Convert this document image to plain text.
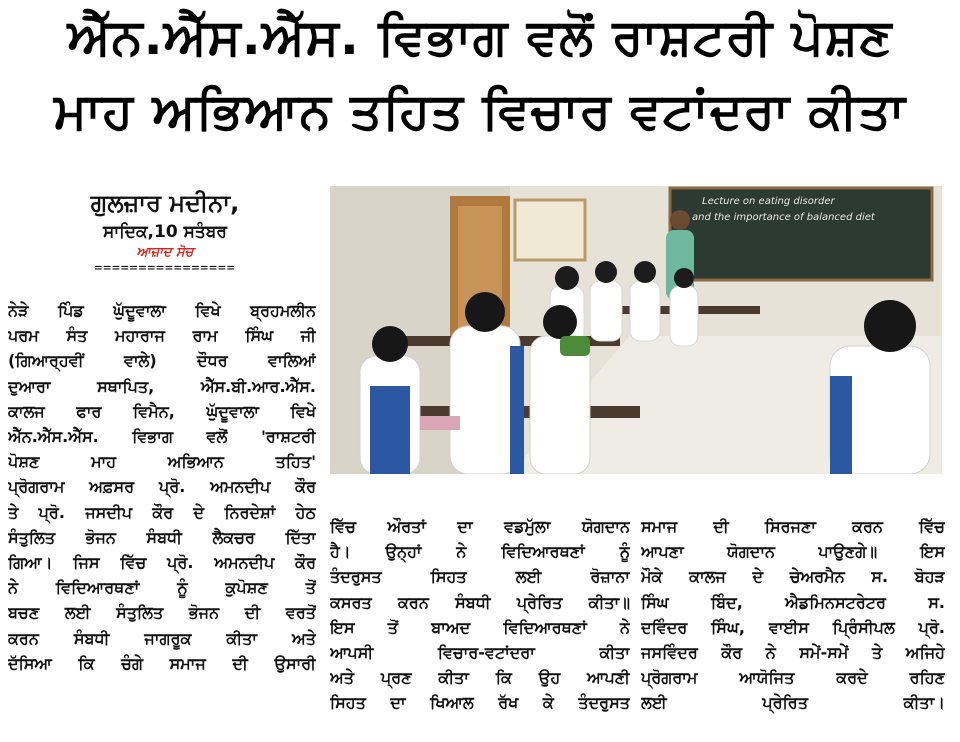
ਐੱਨ.ਐੱਸ.ਐੱਸ. ਵਿਭਾਗ ਵਲੋਂ ਰਾਸ਼ਟਰੀ ਪੋਸ਼ਣ
ਮਾਹ ਅਭਿਆਨ ਤਹਿਤ ਵਿਚਾਰ ਵਟਾਂਦਰਾ ਕੀਤਾ
ਗੁਲਜ਼ਾਰ ਮਦੀਨਾ,
ਸਾਦਿਕ,10 ਸਤੰਬਰ
ਆਜ਼ਾਦ ਸੋਚ
================
Lecture on eating disorder
and the importance of balanced diet
ਨੇੜੇ ਪਿੰਡ ਘੁੱਦੂਵਾਲਾ ਵਿਖੇ ਬ੍ਰਹਮਲੀਨ
ਪਰਮ ਸੰਤ ਮਹਾਰਾਜ ਰਾਮ ਸਿੰਘ ਜੀ
(ਗਿਆਰ੍ਹਵੀਂ ਵਾਲੇ) ਦੌਧਰ ਵਾਲਿਆਂ
ਦੁਆਰਾ ਸਥਾਪਿਤ, ਐੱਸ.ਬੀ.ਆਰ.ਐੱਸ.
ਕਾਲਜ ਫਾਰ ਵਿਮੈਨ, ਘੁੱਦੂਵਾਲਾ ਵਿਖੇ
ਐੱਨ.ਐੱਸ.ਐੱਸ. ਵਿਭਾਗ ਵਲੋਂ 'ਰਾਸ਼ਟਰੀ
ਪੋਸ਼ਣ ਮਾਹ ਅਭਿਆਨ ਤਹਿਤ'
ਪ੍ਰੋਗਰਾਮ ਅਫ਼ਸਰ ਪ੍ਰੋ. ਅਮਨਦੀਪ ਕੌਰ
ਤੇ ਪ੍ਰੋ. ਜਸਦੀਪ ਕੌਰ ਦੇ ਨਿਰਦੇਸ਼ਾਂ ਹੇਠ
ਸੰਤੁਲਿਤ ਭੋਜਨ ਸੰਬਧੀ ਲੈਕਚਰ ਦਿੱਤਾ
ਗਿਆ। ਜਿਸ ਵਿੱਚ ਪ੍ਰੋ. ਅਮਨਦੀਪ ਕੌਰ
ਨੇ ਵਿਦਿਆਰਥਣਾਂ ਨੂੰ ਕੁਪੋਸ਼ਣ ਤੋਂ
ਬਚਣ ਲਈ ਸੰਤੁਲਿਤ ਭੋਜਨ ਦੀ ਵਰਤੋਂ
ਕਰਨ ਸੰਬਧੀ ਜਾਗਰੂਕ ਕੀਤਾ ਅਤੇ
ਦੱਸਿਆ ਕਿ ਚੰਗੇ ਸਮਾਜ ਦੀ ਉਸਾਰੀ
ਵਿੱਚ ਔਰਤਾਂ ਦਾ ਵਡਮੁੱਲਾ ਯੋਗਦਾਨ
ਹੈ। ਉਨ੍ਹਾਂ ਨੇ ਵਿਦਿਆਰਥਣਾਂ ਨੂੰ
ਤੰਦਰੁਸਤ ਸਿਹਤ ਲਈ ਰੋਜ਼ਾਨਾ
ਕਸਰਤ ਕਰਨ ਸੰਬਧੀ ਪ੍ਰੇਰਿਤ ਕੀਤਾ॥
ਇਸ ਤੋਂ ਬਾਅਦ ਵਿਦਿਆਰਥਣਾਂ ਨੇ
ਆਪਸੀ ਵਿਚਾਰ-ਵਟਾਂਦਰਾ ਕੀਤਾ
ਅਤੇ ਪ੍ਰਣ ਕੀਤਾ ਕਿ ਉਹ ਆਪਣੀ
ਸਿਹਤ ਦਾ ਖਿਆਲ ਰੱਖ ਕੇ ਤੰਦਰੁਸਤ
ਸਮਾਜ ਦੀ ਸਿਰਜਣਾ ਕਰਨ ਵਿੱਚ
ਆਪਣਾ ਯੋਗਦਾਨ ਪਾਉਣਗੇ॥ ਇਸ
ਮੌਕੇ ਕਾਲਜ ਦੇ ਚੇਅਰਮੈਨ ਸ. ਬੋਹੜ
ਸਿੰਘ ਬਿੰਦ, ਐਡਮਿਨਸਟਰੇਟਰ ਸ.
ਦਵਿੰਦਰ ਸਿੰਘ, ਵਾਈਸ ਪ੍ਰਿੰਸੀਪਲ ਪ੍ਰੋ.
ਜਸਵਿੰਦਰ ਕੌਰ ਨੇ ਸਮੇਂ-ਸਮੇਂ ਤੇ ਅਜਿਹੇ
ਪ੍ਰੋਗਰਾਮ ਆਯੋਜਿਤ ਕਰਦੇ ਰਹਿਣ
ਲਈ ਪ੍ਰੇਰਿਤ ਕੀਤਾ।
